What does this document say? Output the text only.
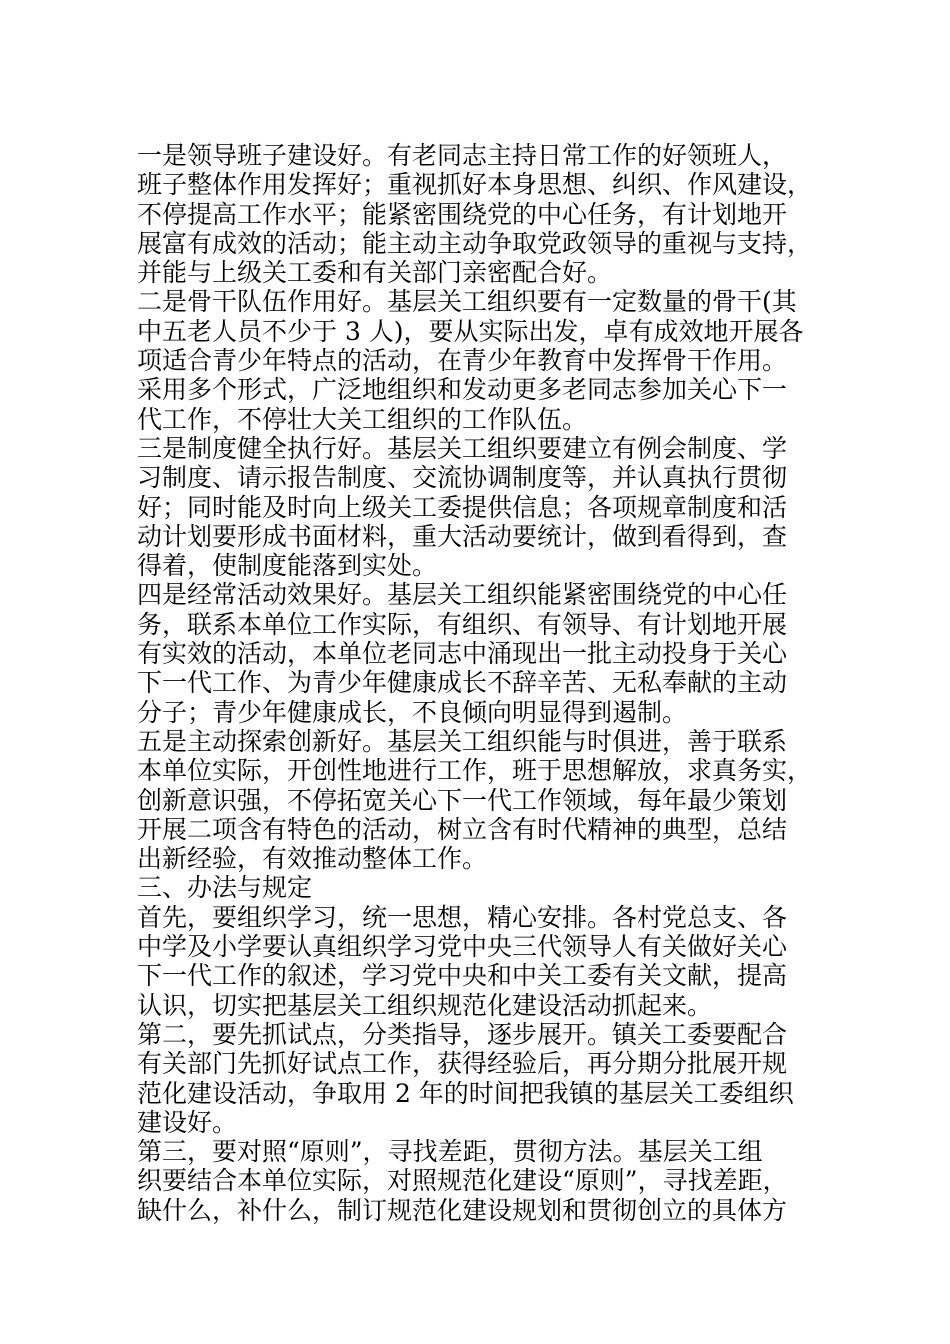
一是领导班子建设好。有老同志主持日常工作的好领班人，
班子整体作用发挥好；重视抓好本身思想、纠织、作风建设，
不停提高工作水平；能紧密围绕党的中心任务，有计划地开
展富有成效的活动；能主动主动争取党政领导的重视与支持，
并能与上级关工委和有关部门亲密配合好。
二是骨干队伍作用好。基层关工组织要有一定数量的骨干(其
中五老人员不少于 3 人)，要从实际出发，卓有成效地开展各
项适合青少年特点的活动，在青少年教育中发挥骨干作用。
采用多个形式，广泛地组织和发动更多老同志参加关心下一
代工作，不停壮大关工组织的工作队伍。
三是制度健全执行好。基层关工组织要建立有例会制度、学
习制度、请示报告制度、交流协调制度等，并认真执行贯彻
好；同时能及时向上级关工委提供信息；各项规章制度和活
动计划要形成书面材料，重大活动要统计，做到看得到，查
得着，使制度能落到实处。
四是经常活动效果好。基层关工组织能紧密围绕党的中心任
务，联系本单位工作实际，有组织、有领导、有计划地开展
有实效的活动，本单位老同志中涌现出一批主动投身于关心
下一代工作、为青少年健康成长不辞辛苦、无私奉献的主动
分子；青少年健康成长，不良倾向明显得到遏制。
五是主动探索创新好。基层关工组织能与时俱进，善于联系
本单位实际，开创性地进行工作，班于思想解放，求真务实，
创新意识强，不停拓宽关心下一代工作领域，每年最少策划
开展二项含有特色的活动，树立含有时代精神的典型，总结
出新经验，有效推动整体工作。
三、办法与规定
首先，要组织学习，统一思想，精心安排。各村党总支、各
中学及小学要认真组织学习党中央三代领导人有关做好关心
下一代工作的叙述，学习党中央和中关工委有关文献，提高
认识，切实把基层关工组织规范化建设活动抓起来。
第二，要先抓试点，分类指导，逐步展开。镇关工委要配合
有关部门先抓好试点工作，获得经验后，再分期分批展开规
范化建设活动，争取用 2 年的时间把我镇的基层关工委组织
建设好。
第三，要对照“原则”，寻找差距，贯彻方法。基层关工组
织要结合本单位实际，对照规范化建设“原则”，寻找差距，
缺什么，补什么，制订规范化建设规划和贯彻创立的具体方
